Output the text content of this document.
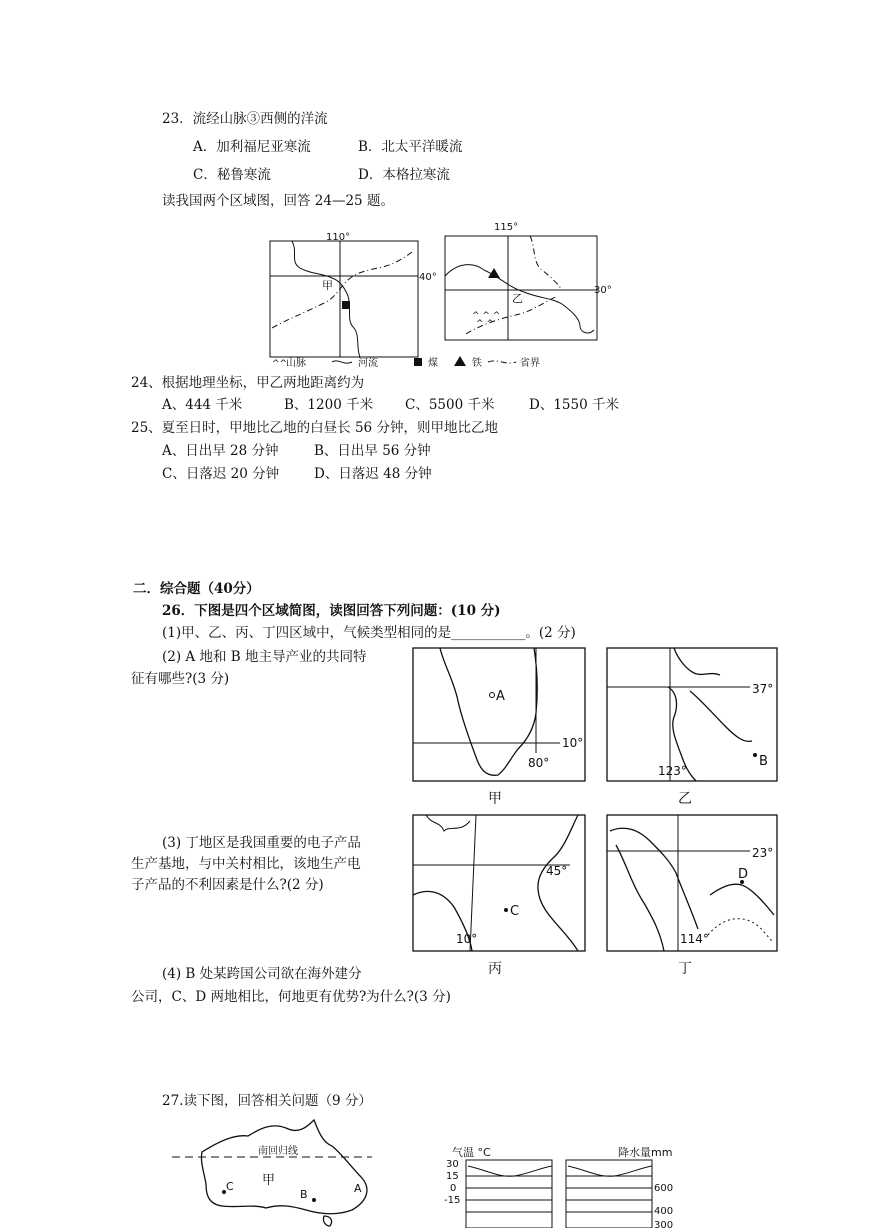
23．流经山脉③西侧的洋流
A．加利福尼亚寒流	B．北太平洋暖流
C．秘鲁寒流	D．本格拉寒流
读我国两个区域图，回答 24—25 题。
110°
40°
甲
115°
30°
乙
^ ^ ^
^ ^
^^
山脉	河流	煤	铁	省界
24、根据地理坐标，甲乙两地距离约为
A、444 千米	B、1200 千米 C、5500 千米	D、1550 千米
25、夏至日时，甲地比乙地的白昼长 56 分钟，则甲地比乙地
A、日出早 28 分钟	B、日出早 56 分钟
C、日落迟 20 分钟	D、日落迟 48 分钟
二．综合题（40分）
26．下图是四个区域简图，读图回答下列问题：(10 分)
(1)甲、乙、丙、丁四区域中，气候类型相同的是___________。(2 分)
(2) A 地和 B 地主导产业的共同特
征有哪些?(3 分)
(3) 丁地区是我国重要的电子产品
生产基地，与中关村相比，该地生产电
子产品的不利因素是什么?(2 分)
(4) B 处某跨国公司欲在海外建分
公司，C、D 两地相比，何地更有优势?为什么?(3 分)
A
10°
80°
甲
B
37°
123°
乙
C
45°
10°
丙
D
23°
114°
丁
27.读下图，回答相关问题（9 分）
南回归线
甲
C
B	A
气温 °C	降水量mm
30
15
0
-15
600
400
300
